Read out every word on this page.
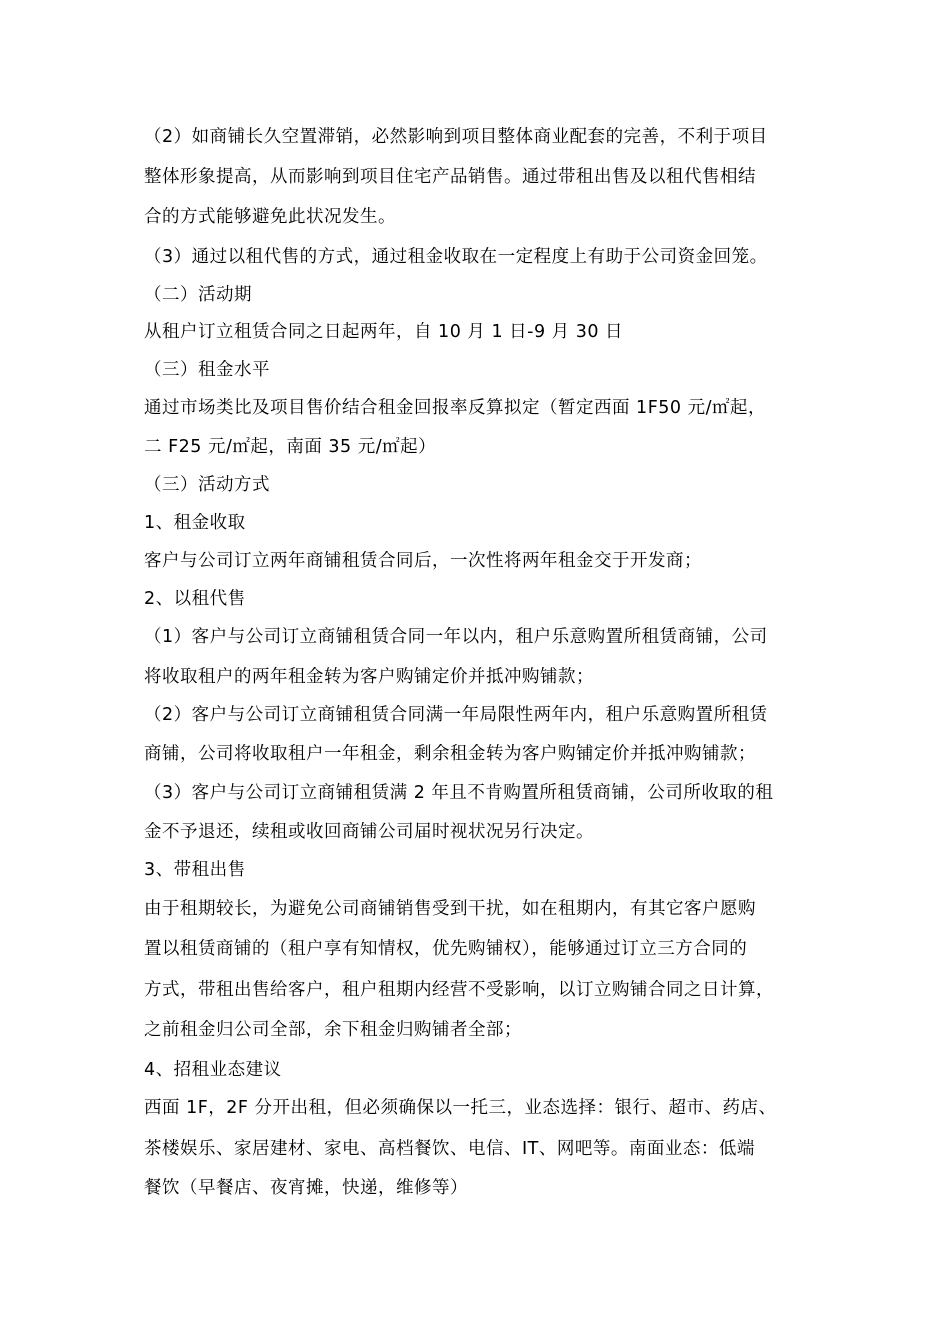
（2）如商铺长久空置滞销，必然影响到项目整体商业配套的完善，不利于项目
整体形象提高，从而影响到项目住宅产品销售。通过带租出售及以租代售相结
合的方式能够避免此状况发生。
（3）通过以租代售的方式，通过租金收取在一定程度上有助于公司资金回笼。
（二）活动期
从租户订立租赁合同之日起两年，自 10 月 1 日-9 月 30 日
（三）租金水平
通过市场类比及项目售价结合租金回报率反算拟定（暂定西面 1F50 元/㎡起，
二 F25 元/㎡起，南面 35 元/㎡起）
（三）活动方式
1、租金收取
客户与公司订立两年商铺租赁合同后，一次性将两年租金交于开发商；
2、以租代售
（1）客户与公司订立商铺租赁合同一年以内，租户乐意购置所租赁商铺，公司
将收取租户的两年租金转为客户购铺定价并抵冲购铺款；
（2）客户与公司订立商铺租赁合同满一年局限性两年内，租户乐意购置所租赁
商铺，公司将收取租户一年租金，剩余租金转为客户购铺定价并抵冲购铺款；
（3）客户与公司订立商铺租赁满 2 年且不肯购置所租赁商铺，公司所收取的租
金不予退还，续租或收回商铺公司届时视状况另行决定。
3、带租出售
由于租期较长，为避免公司商铺销售受到干扰，如在租期内，有其它客户愿购
置以租赁商铺的（租户享有知情权，优先购铺权），能够通过订立三方合同的
方式，带租出售给客户，租户租期内经营不受影响，以订立购铺合同之日计算，
之前租金归公司全部，余下租金归购铺者全部；
4、招租业态建议
西面 1F，2F 分开出租，但必须确保以一托三，业态选择：银行、超市、药店、
茶楼娱乐、家居建材、家电、高档餐饮、电信、IT、网吧等。南面业态：低端
餐饮（早餐店、夜宵摊，快递，维修等）
